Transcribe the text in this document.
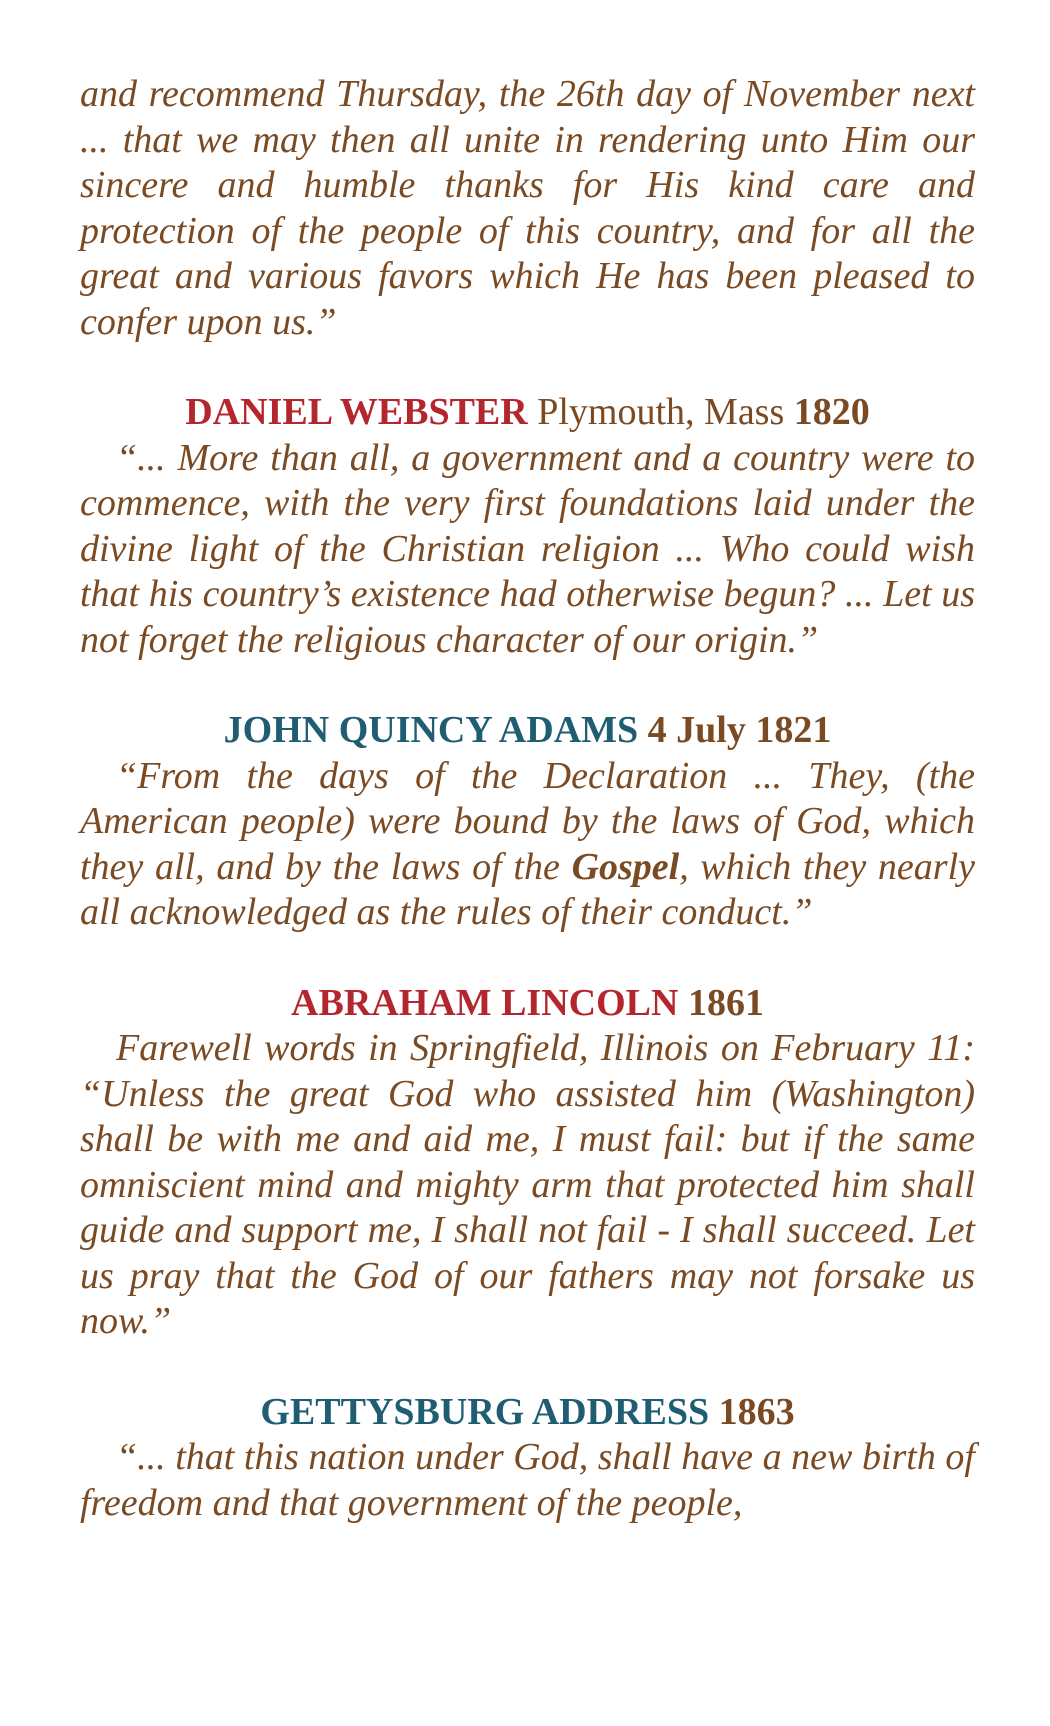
and recommend Thursday, the 26th day of November next ... that we may then all unite in rendering unto Him our sincere and humble thanks for His kind care and protection of the people of this country, and for all the great and various favors which He has been pleased to confer upon us.”

DANIEL WEBSTER Plymouth, Mass 1820

“... More than all, a government and a country were to commence, with the very first foundations laid under the divine light of the Christian religion ... Who could wish that his country’s existence had otherwise begun? ... Let us not forget the religious character of our origin.”

JOHN QUINCY ADAMS 4 July 1821

“From the days of the Declaration ... They, (the American people) were bound by the laws of God, which they all, and by the laws of the Gospel, which they nearly all acknowledged as the rules of their conduct.”

ABRAHAM LINCOLN 1861

Farewell words in Springfield, Illinois on February 11: “Unless the great God who assisted him (Washington) shall be with me and aid me, I must fail: but if the same omniscient mind and mighty arm that protected him shall guide and support me, I shall not fail - I shall succeed. Let us pray that the God of our fathers may not forsake us now.”

GETTYSBURG ADDRESS 1863

“... that this nation under God, shall have a new birth of freedom and that government of the people,
